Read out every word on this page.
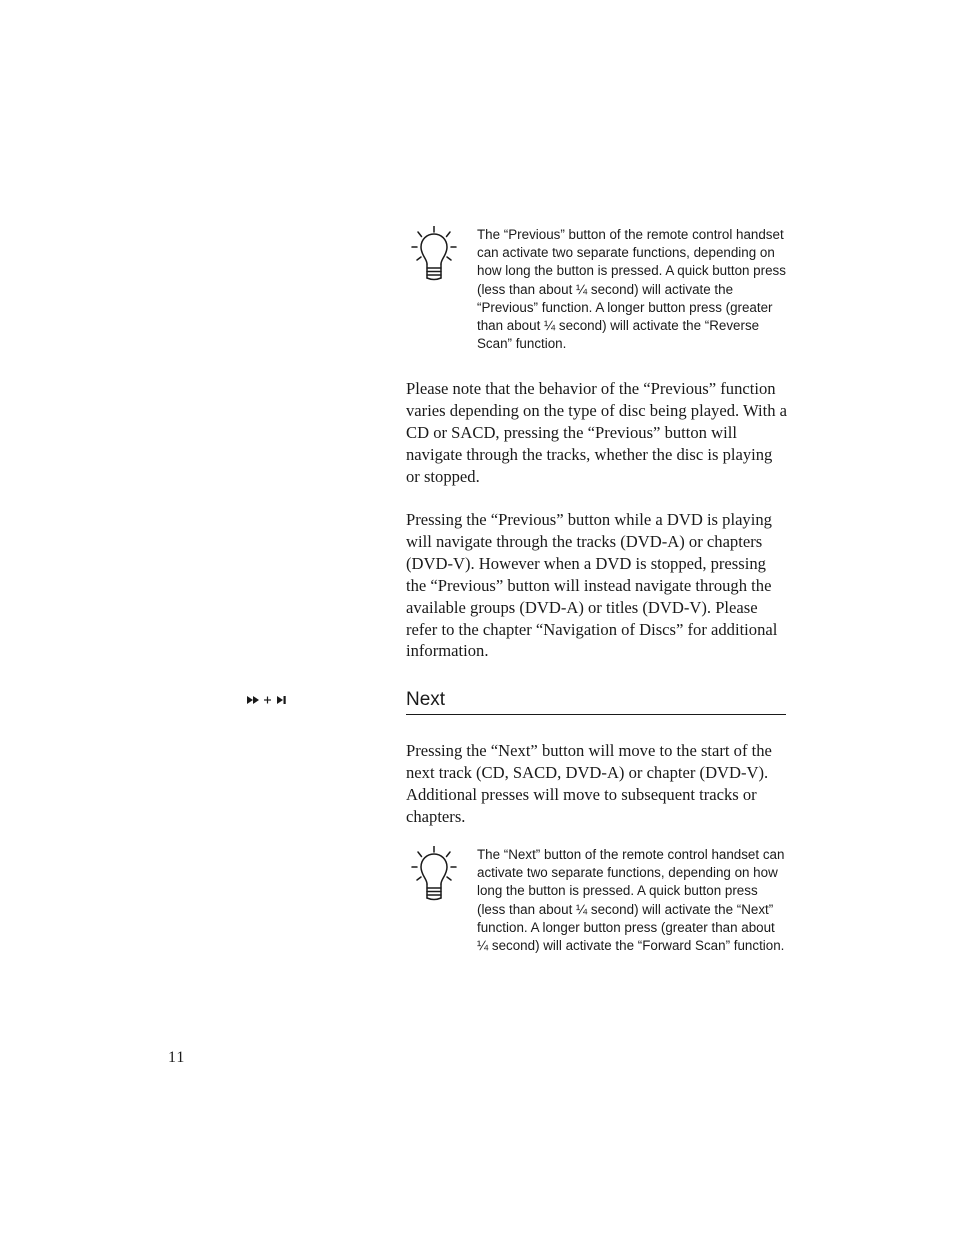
The “Previous” button of the remote control handset can activate two separate functions, depending on how long the button is pressed. A quick button press (less than about ¼ second) will activate the “Previous” function. A longer button press (greater than about ¼ second) will activate the “Reverse Scan” function.

Please note that the behavior of the “Previous” function varies depending on the type of disc being played. With a CD or SACD, pressing the “Previous” button will navigate through the tracks, whether the disc is playing or stopped.

Pressing the “Previous” button while a DVD is playing will navigate through the tracks (DVD-A) or chapters (DVD-V). However when a DVD is stopped, pressing the “Previous” button will instead navigate through the available groups (DVD-A) or titles (DVD-V). Please refer to the chapter “Navigation of Discs” for additional information.

Next

Pressing the “Next” button will move to the start of the next track (CD, SACD, DVD-A) or chapter (DVD-V). Additional presses will move to subsequent tracks or chapters.

The “Next” button of the remote control handset can activate two separate functions, depending on how long the button is pressed. A quick button press (less than about ¼ second) will activate the “Next” function. A longer button press (greater than about ¼ second) will activate the “Forward Scan” function.

11
